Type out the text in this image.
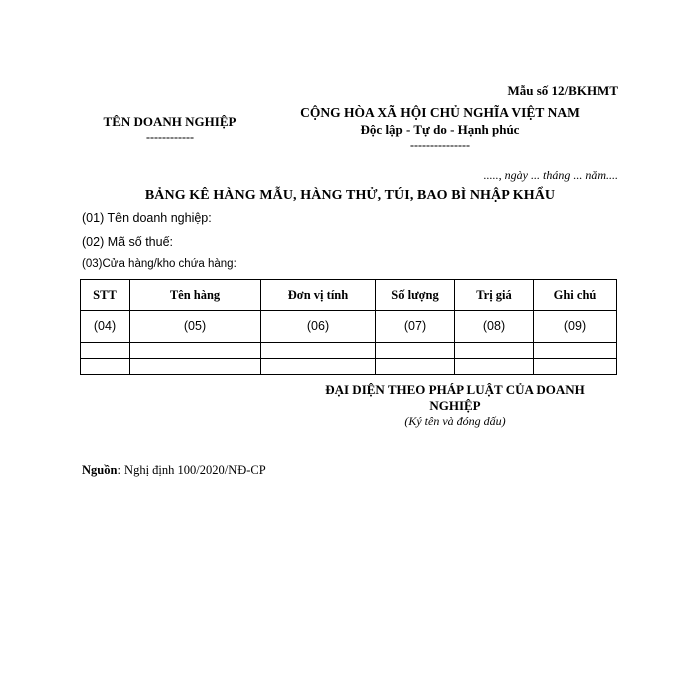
Mẫu số 12/BKHMT
TÊN DOANH NGHIỆP
------------
CỘNG HÒA XÃ HỘI CHỦ NGHĨA VIỆT NAM
Độc lập - Tự do - Hạnh phúc
---------------
....., ngày ... tháng ... năm....
BẢNG KÊ HÀNG MẪU, HÀNG THỬ, TÚI, BAO BÌ NHẬP KHẨU
(01) Tên doanh nghiệp:
(02) Mã số thuế:
(03)Cửa hàng/kho chứa hàng:
STT	Tên hàng	Đơn vị tính	Số lượng	Trị giá	Ghi chú
(04)	(05)	(06)	(07)	(08)	(09)

ĐẠI DIỆN THEO PHÁP LUẬT CỦA DOANH NGHIỆP
(Ký tên và đóng dấu)
Nguồn: Nghị định 100/2020/NĐ-CP
